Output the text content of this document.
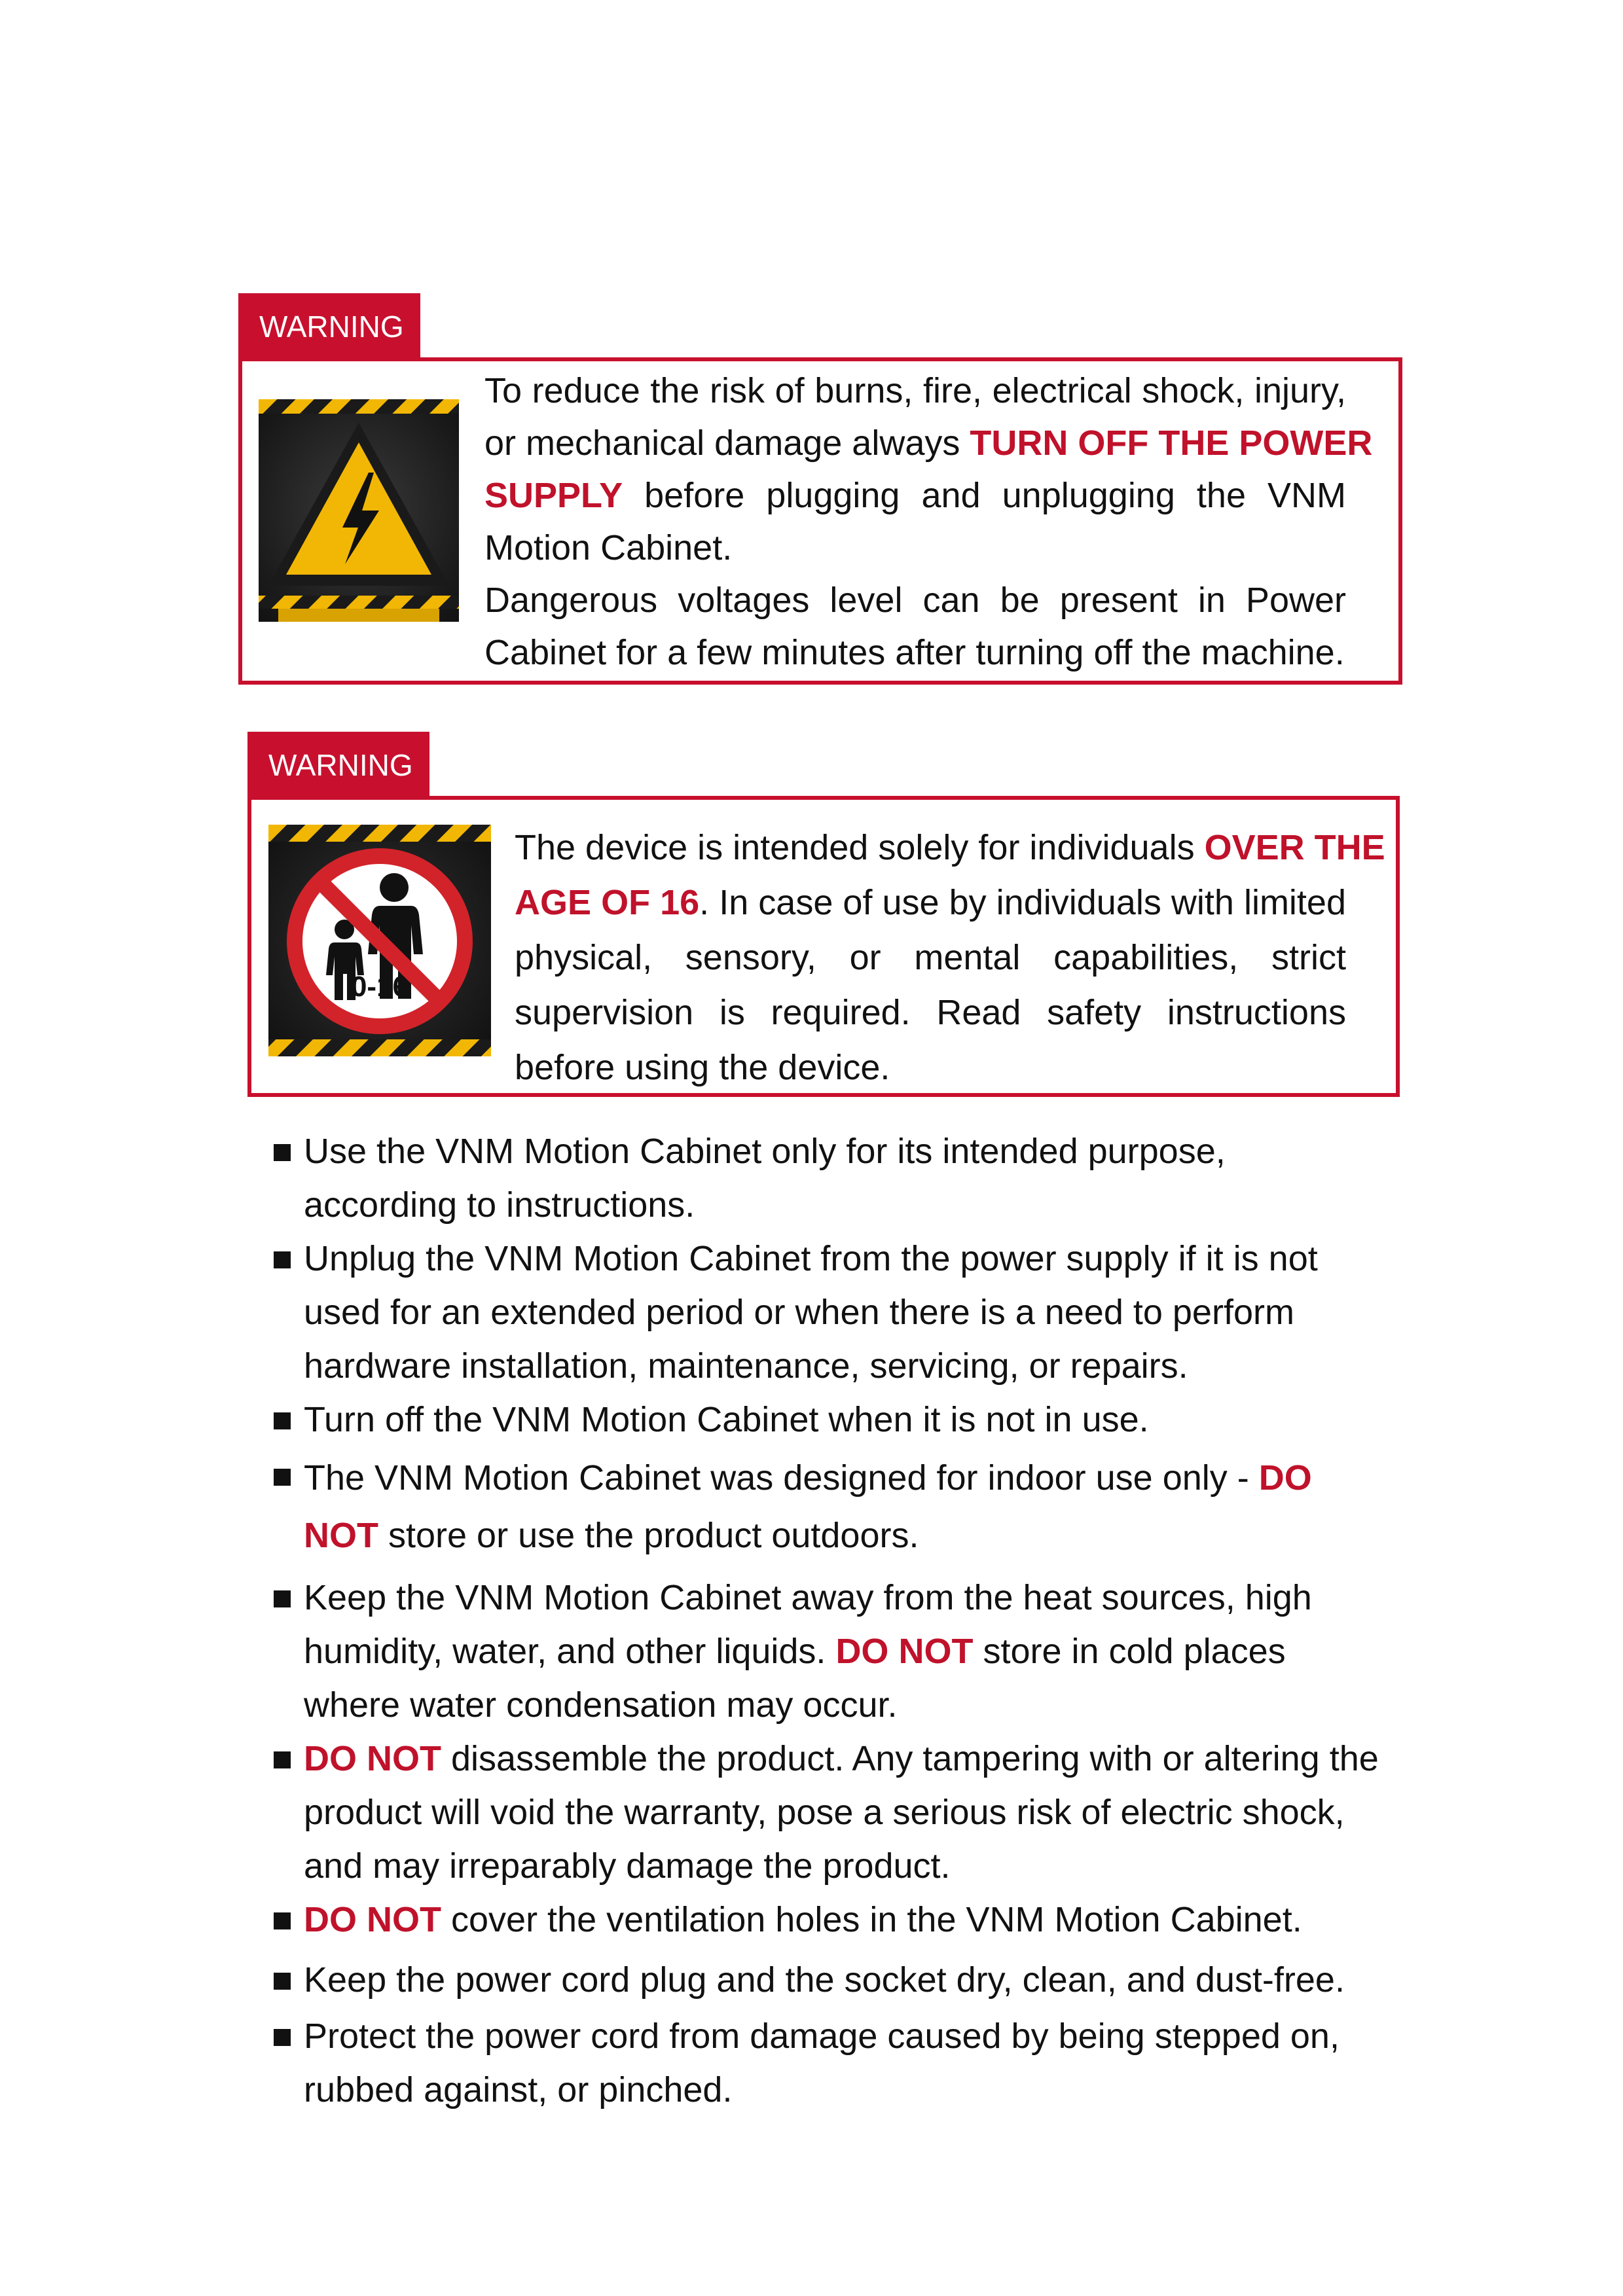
WARNING
To reduce the risk of burns, fire, electrical shock, injury,
or mechanical damage always TURN OFF THE POWER
SUPPLY before plugging and unplugging the VNM
Motion Cabinet.
Dangerous voltages level can be present in Power
Cabinet for a few minutes after turning off the machine.
WARNING
0-16
The device is intended solely for individuals OVER THE
AGE OF 16. In case of use by individuals with limited
physical, sensory, or mental capabilities, strict
supervision is required. Read safety instructions
before using the device.
Use the VNM Motion Cabinet only for its intended purpose, according to instructions.
Unplug the VNM Motion Cabinet from the power supply if it is not used for an extended period or when there is a need to perform hardware installation, maintenance, servicing, or repairs.
Turn off the VNM Motion Cabinet when it is not in use.
The VNM Motion Cabinet was designed for indoor use only - DO NOT store or use the product outdoors.
Keep the VNM Motion Cabinet away from the heat sources, high humidity, water, and other liquids. DO NOT store in cold places where water condensation may occur.
DO NOT disassemble the product. Any tampering with or altering the product will void the warranty, pose a serious risk of electric shock, and may irreparably damage the product.
DO NOT cover the ventilation holes in the VNM Motion Cabinet.
Keep the power cord plug and the socket dry, clean, and dust-free.
Protect the power cord from damage caused by being stepped on, rubbed against, or pinched.
